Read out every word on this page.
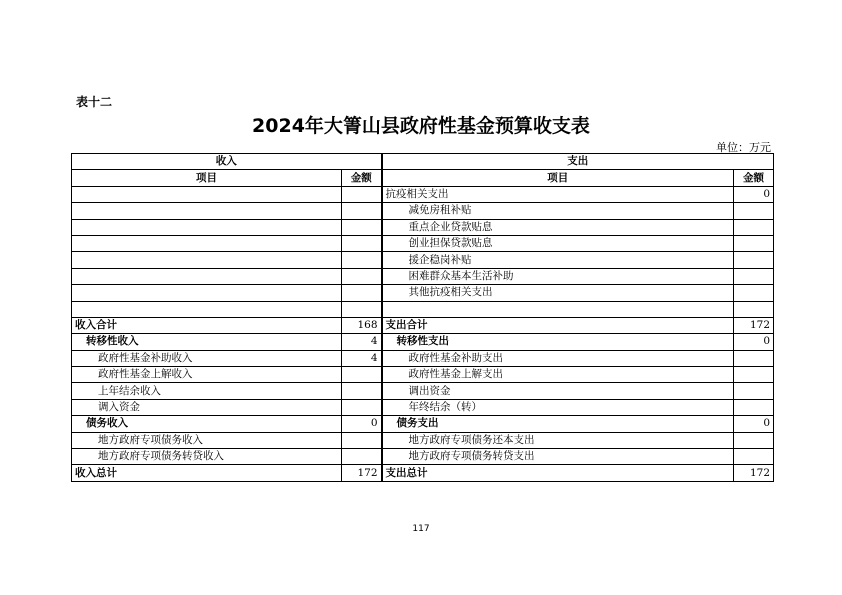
表十二
2024年大箐山县政府性基金预算收支表
单位：万元
收入		支出	
项目	金额	项目	金额
		抗疫相关支出	0
		减免房租补贴	
		重点企业贷款贴息	
		创业担保贷款贴息	
		援企稳岗补贴	
		困难群众基本生活补助	
		其他抗疫相关支出	

收入合计	168	支出合计	172
转移性收入	4	转移性支出	0
政府性基金补助收入	4	政府性基金补助支出	
政府性基金上解收入		政府性基金上解支出	
上年结余收入		调出资金	
调入资金		年终结余（转）	
债务收入	0	债务支出	0
地方政府专项债务收入		地方政府专项债务还本支出	
地方政府专项债务转贷收入		地方政府专项债务转贷支出	
收入总计	172	支出总计	172
117
